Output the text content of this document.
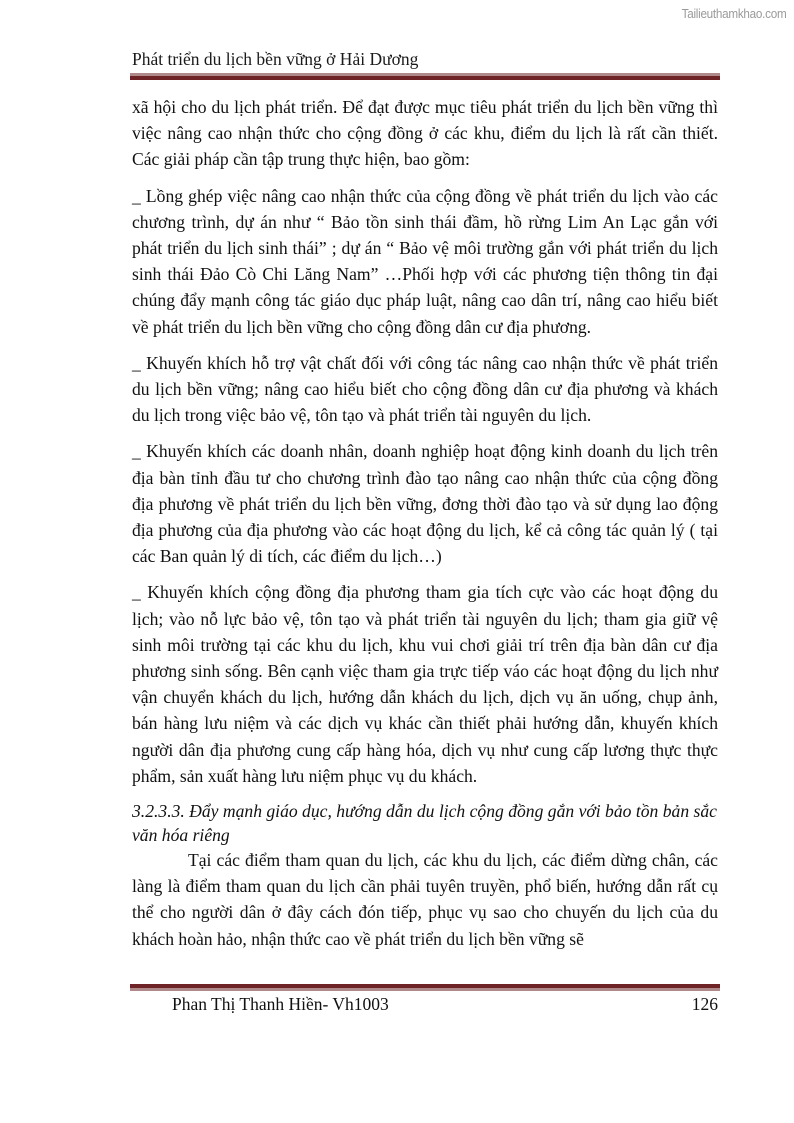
Tailieuthamkhao.com
Phát triển du lịch bền vững ở Hải Dương

xã hội cho du lịch phát triển. Để đạt được mục tiêu phát triển du lịch bền vững thì việc nâng cao nhận thức cho cộng đồng ở các khu, điểm du lịch là rất cần thiết. Các giải pháp cần tập trung thực hiện, bao gồm:

_ Lồng ghép việc nâng cao nhận thức của cộng đồng về phát triển du lịch vào các chương trình, dự án như “ Bảo tồn sinh thái đầm, hồ rừng Lim An Lạc gắn với phát triển du lịch sinh thái” ; dự án “ Bảo vệ môi trường gắn với phát triển du lịch sinh thái Đảo Cò Chi Lăng Nam” …Phối hợp với các phương tiện thông tin đại chúng đẩy mạnh công tác giáo dục pháp luật, nâng cao dân trí, nâng cao hiểu biết về phát triển du lịch bền vững cho cộng đồng dân cư địa phương.

_ Khuyến khích hỗ trợ vật chất đối với công tác nâng cao nhận thức về phát triển du lịch bền vững; nâng cao hiểu biết cho cộng đồng dân cư địa phương và khách du lịch trong việc bảo vệ, tôn tạo và phát triển tài nguyên du lịch.

_ Khuyến khích các doanh nhân, doanh nghiệp hoạt động kinh doanh du lịch trên địa bàn tỉnh đầu tư cho chương trình đào tạo nâng cao nhận thức của cộng đồng địa phương về phát triển du lịch bền vững, đơng thời đào tạo và sử dụng lao động địa phương của địa phương vào các hoạt động du lịch, kể cả công tác quản lý ( tại các Ban quản lý di tích, các điểm du lịch…)

_ Khuyến khích cộng đồng địa phương tham gia tích cực vào các hoạt động du lịch; vào nỗ lực bảo vệ, tôn tạo và phát triển tài nguyên du lịch; tham gia giữ vệ sinh môi trường tại các khu du lịch, khu vui chơi giải trí trên địa bàn dân cư địa phương sinh sống. Bên cạnh việc tham gia trực tiếp váo các hoạt động du lịch như vận chuyển khách du lịch, hướng dẫn khách du lịch, dịch vụ ăn uống, chụp ảnh, bán hàng lưu niệm và các dịch vụ khác cần thiết phải hướng dẫn, khuyến khích người dân địa phương cung cấp hàng hóa, dịch vụ như cung cấp lương thực thực phẩm, sản xuất hàng lưu niệm phục vụ du khách.

3.2.3.3. Đẩy mạnh giáo dục, hướng dẫn du lịch cộng đồng gắn với bảo tồn bản sắc văn hóa riêng

Tại các điểm tham quan du lịch, các khu du lịch, các điểm dừng chân, các làng là điểm tham quan du lịch cần phải tuyên truyền, phổ biến, hướng dẫn rất cụ thể cho người dân ở đây cách đón tiếp, phục vụ sao cho chuyến du lịch của du khách hoàn hảo, nhận thức cao về phát triển du lịch bền vững sẽ

Phan Thị Thanh Hiền- Vh1003	126
